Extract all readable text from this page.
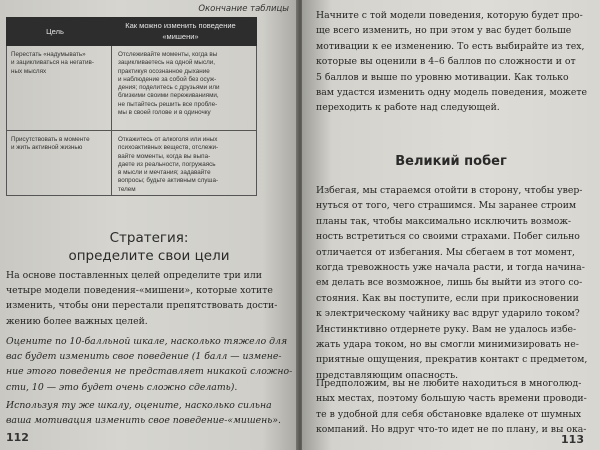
Окончание таблицы
Цель
Как можно изменить поведение «мишени»
Перестать «надумывать»
и зацикливаться на негатив-
ных мыслях
Отслеживайте моменты, когда вы
зацикливаетесь на одной мысли,
практикуя осознанное дыхание
и наблюдение за собой без осуж-
дения; поделитесь с друзьями или
близкими своими переживаниями,
не пытайтесь решить все пробле-
мы в своей голове и в одиночку
Присутствовать в моменте
и жить активной жизнью
Откажитесь от алкоголя или иных
психоактивных веществ, отслежи-
вайте моменты, когда вы выпа-
даете из реальности, погружаясь
в мысли и мечтания; задавайте
вопросы; будьте активным слуша-
телем
Стратегия:
определите свои цели
На основе поставленных целей определите три или
четыре модели поведения-«мишени», которые хотите
изменить, чтобы они перестали препятствовать дости-
жению более важных целей.
Оцените по 10-балльной шкале, насколько тяжело для
вас будет изменить свое поведение (1 балл — измене-
ние этого поведения не представляет никакой сложно-
сти, 10 — это будет очень сложно сделать).
Используя ту же шкалу, оцените, насколько сильна
ваша мотивация изменить свое поведение-«мишень».
112
Начните с той модели поведения, которую будет про-
ще всего изменить, но при этом у вас будет больше
мотивации к ее изменению. То есть выбирайте из тех,
которые вы оценили в 4–6 баллов по сложности и от
5 баллов и выше по уровню мотивации. Как только
вам удастся изменить одну модель поведения, можете
переходить к работе над следующей.
Великий побег
Избегая, мы стараемся отойти в сторону, чтобы увер-
нуться от того, чего страшимся. Мы заранее строим
планы так, чтобы максимально исключить возмож-
ность встретиться со своими страхами. Побег сильно
отличается от избегания. Мы сбегаем в тот момент,
когда тревожность уже начала расти, и тогда начина-
ем делать все возможное, лишь бы выйти из этого со-
стояния. Как вы поступите, если при прикосновении
к электрическому чайнику вас вдруг ударило током?
Инстинктивно отдернете руку. Вам не удалось избе-
жать удара током, но вы смогли минимизировать не-
приятные ощущения, прекратив контакт с предметом,
представляющим опасность.
Предположим, вы не любите находиться в многолюд-
ных местах, поэтому большую часть времени проводи-
те в удобной для себя обстановке вдалеке от шумных
компаний. Но вдруг что-то идет не по плану, и вы ока-
113
